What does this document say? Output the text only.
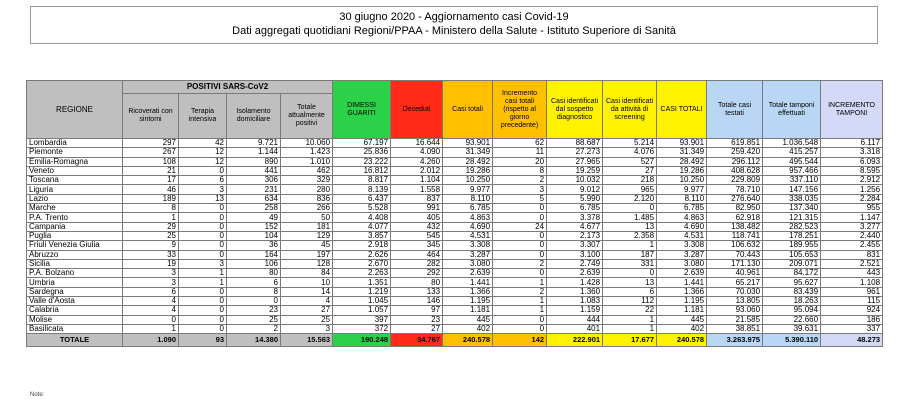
30 giugno 2020 - Aggiornamento casi Covid-19
Dati aggregati quotidiani Regioni/PPAA - Ministero della Salute - Istituto Superiore di Sanità
REGIONE	POSITIVI SARS-CoV2				DIMESSI GUARITI	Deceduti	Casi totali	Incremento casi totali (rispetto al giorno precedente)	Casi identificati dal sospetto diagnostico	Casi identificati da attività di screening	CASI TOTALI	Totale casi testati	Totale tamponi effettuati	INCREMENTO TAMPONI
	Ricoverati con sintomi	Terapia intensiva	Isolamento domiciliare	Totale attualmente positivi										
Lombardia	297	42	9.721	10.060	67.197	16.644	93.901	62	88.687	5.214	93.901	619.851	1.036.548	6.117
Piemonte	267	12	1.144	1.423	25.836	4.090	31.349	11	27.273	4.076	31.349	259.420	415.257	3.318
Emilia-Romagna	108	12	890	1.010	23.222	4.260	28.492	20	27.965	527	28.492	296.112	495.544	6.093
Veneto	21	0	441	462	16.812	2.012	19.286	8	19.259	27	19.286	408.628	957.466	8.595
Toscana	17	6	306	329	8.817	1.104	10.250	2	10.032	218	10.250	229.809	337.110	2.912
Liguria	46	3	231	280	8.139	1.558	9.977	3	9.012	965	9.977	78.710	147.156	1.256
Lazio	189	13	634	836	6.437	837	8.110	5	5.990	2.120	8.110	276.640	338.035	2.284
Marche	8	0	258	266	5.528	991	6.785	0	6.785	0	6.785	82.950	137.340	955
P.A. Trento	1	0	49	50	4.408	405	4.863	0	3.378	1.485	4.863	62.918	121.315	1.147
Campania	29	0	152	181	4.077	432	4.690	24	4.677	13	4.690	138.482	282.523	3.277
Puglia	25	0	104	129	3.857	545	4.531	0	2.173	2.358	4.531	118.741	178.251	2.440
Friuli Venezia Giulia	9	0	36	45	2.918	345	3.308	0	3.307	1	3.308	106.632	189.955	2.455
Abruzzo	33	0	164	197	2.626	464	3.287	0	3.100	187	3.287	70.443	105.653	831
Sicilia	19	3	106	128	2.670	282	3.080	2	2.749	331	3.080	171.130	209.071	2.521
P.A. Bolzano	3	1	80	84	2.263	292	2.639	0	2.639	0	2.639	40.961	84.172	443
Umbria	3	1	6	10	1.351	80	1.441	1	1.428	13	1.441	65.217	95.627	1.108
Sardegna	6	0	8	14	1.219	133	1.366	2	1.360	6	1.366	70.030	83.439	961
Valle d'Aosta	4	0	0	4	1.045	146	1.195	1	1.083	112	1.195	13.805	18.263	115
Calabria	4	0	23	27	1.057	97	1.181	1	1.159	22	1.181	93.060	95.094	924
Molise	0	0	25	25	397	23	445	0	444	1	445	21.585	22.660	186
Basilicata	1	0	2	3	372	27	402	0	401	1	402	38.851	39.631	337
TOTALE	1.090	93	14.380	15.563	190.248	34.767	240.578	142	222.901	17.677	240.578	3.263.975	5.390.110	48.273
Note:
